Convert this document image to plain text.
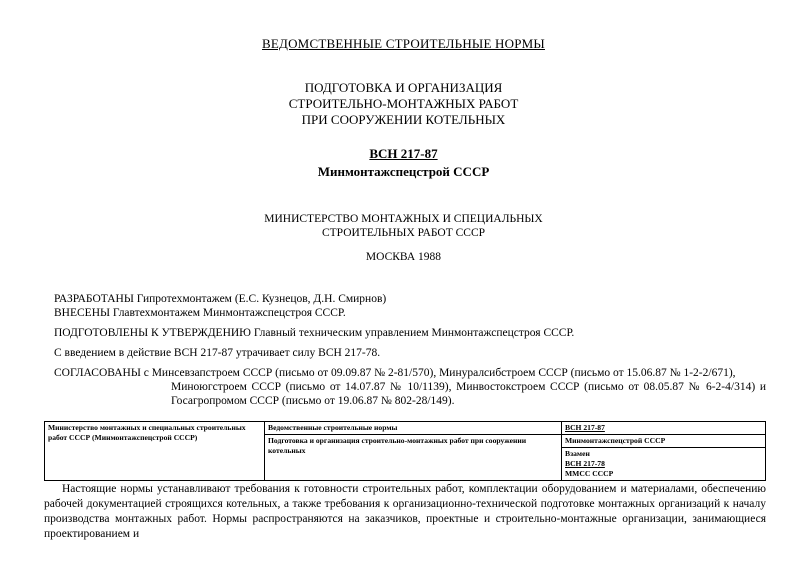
ВЕДОМСТВЕННЫЕ СТРОИТЕЛЬНЫЕ НОРМЫ
ПОДГОТОВКА И ОРГАНИЗАЦИЯ
СТРОИТЕЛЬНО-МОНТАЖНЫХ РАБОТ
ПРИ СООРУЖЕНИИ КОТЕЛЬНЫХ
ВСН 217-87
Минмонтажспецстрой СССР
МИНИСТЕРСТВО МОНТАЖНЫХ И СПЕЦИАЛЬНЫХ
СТРОИТЕЛЬНЫХ РАБОТ СССР
МОСКВА 1988
РАЗРАБОТАНЫ Гипротехмонтажем (Е.С. Кузнецов, Д.Н. Смирнов)
ВНЕСЕНЫ Главтехмонтажем Минмонтажспецстроя СССР.
ПОДГОТОВЛЕНЫ К УТВЕРЖДЕНИЮ Главный техническим управлением Минмонтажспецстроя СССР.
С введением в действие ВСН 217-87 утрачивает силу ВСН 217-78.
СОГЛАСОВАНЫ с Минсевзапстроем СССР (письмо от 09.09.87 № 2-81/570), Минуралсибстроем СССР (письмо от 15.06.87 № 1-2-2/671),
Миноюгстроем СССР (письмо от 14.07.87 № 10/1139), Минвостокстроем СССР (письмо от 08.05.87 № 6-2-4/314) и Госагропромом СССР (письмо от 19.06.87 № 802-28/149).
Министерство монтажных и специальных строительных работ СССР (Минмонтажспецстрой СССР)	Ведомственные строительные нормы	ВСН 217-87
	Подготовка и организация строительно-монтажных работ при сооружении котельных	Минмонтажспецстрой СССР

		Взамен
ВСН 217-78
ММСС СССР
Настоящие нормы устанавливают требования к готовности строительных работ, комплектации оборудованием и материалами, обеспечению рабочей документацией строящихся котельных, а также требования к организационно-технической подготовке монтажных организаций к началу производства монтажных работ. Нормы распространяются на заказчиков, проектные и строительно-монтажные организации, занимающиеся проектированием и
